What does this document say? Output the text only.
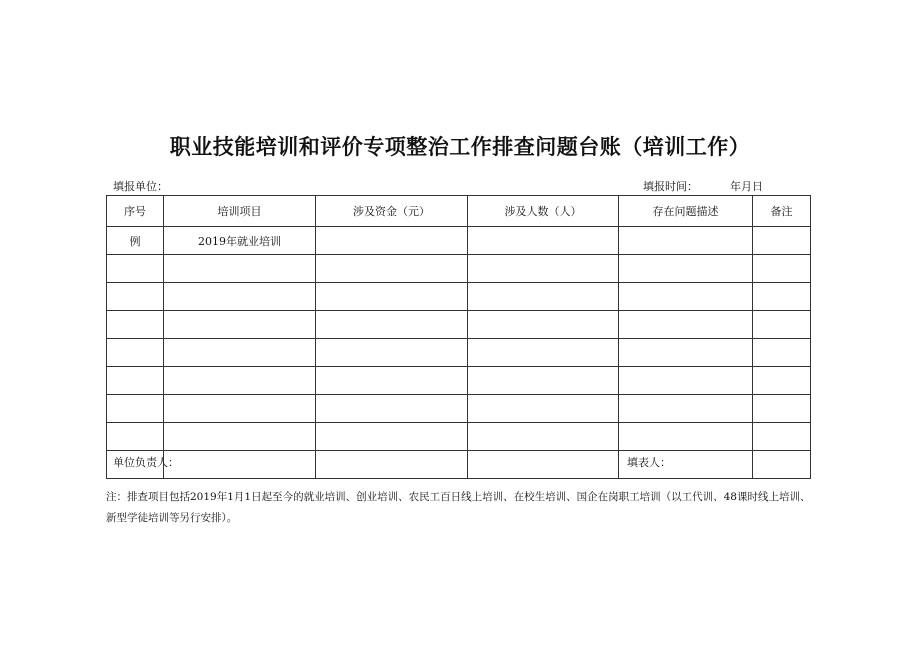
职业技能培训和评价专项整治工作排查问题台账（培训工作）
填报单位：	填报时间：	年月日
序号	培训项目	涉及资金（元）	涉及人数（人）	存在问题描述	备注
例	2019年就业培训				

单位负责人：	填表人：
注：排查项目包括2019年1月1日起至今的就业培训、创业培训、农民工百日线上培训、在校生培训、国企在岗职工培训（以工代训、48课时线上培训、新型学徒培训等另行安排）。
